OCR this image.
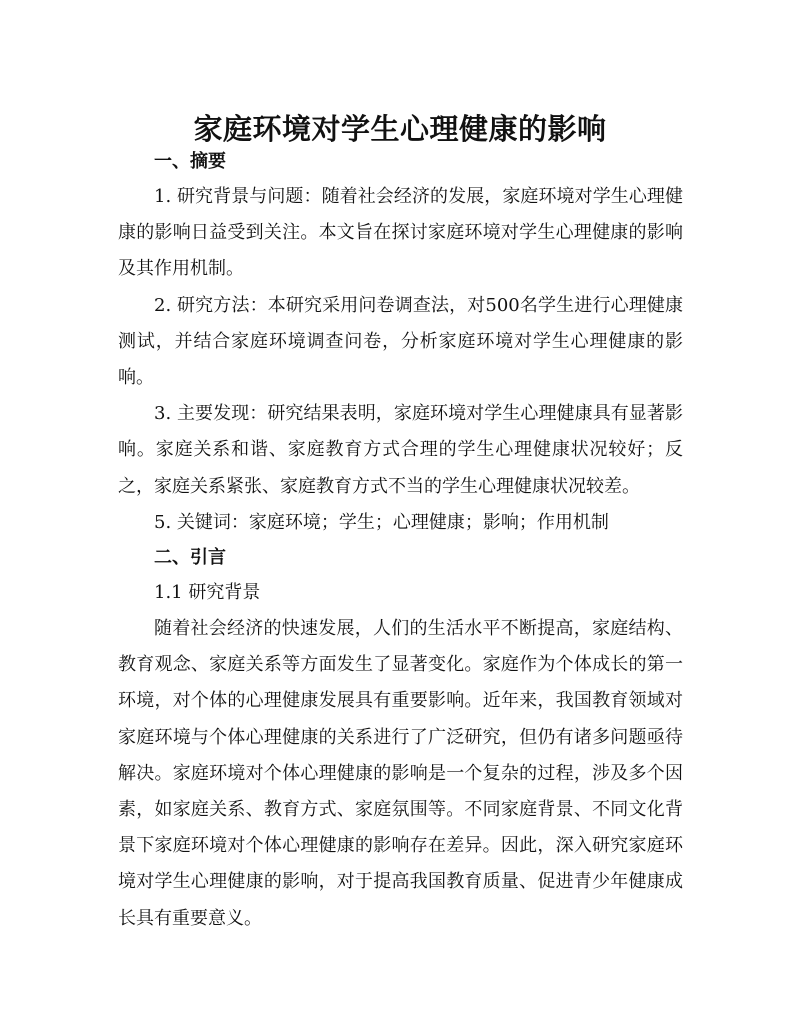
家庭环境对学生心理健康的影响

一、摘要

1. 研究背景与问题：随着社会经济的发展，家庭环境对学生心理健康的影响日益受到关注。本文旨在探讨家庭环境对学生心理健康的影响及其作用机制。

2. 研究方法：本研究采用问卷调查法，对500名学生进行心理健康测试，并结合家庭环境调查问卷，分析家庭环境对学生心理健康的影响。

3. 主要发现：研究结果表明，家庭环境对学生心理健康具有显著影响。家庭关系和谐、家庭教育方式合理的学生心理健康状况较好；反之，家庭关系紧张、家庭教育方式不当的学生心理健康状况较差。

5. 关键词：家庭环境；学生；心理健康；影响；作用机制

二、引言

1.1 研究背景

随着社会经济的快速发展，人们的生活水平不断提高，家庭结构、教育观念、家庭关系等方面发生了显著变化。家庭作为个体成长的第一环境，对个体的心理健康发展具有重要影响。近年来，我国教育领域对家庭环境与个体心理健康的关系进行了广泛研究，但仍有诸多问题亟待解决。家庭环境对个体心理健康的影响是一个复杂的过程，涉及多个因素，如家庭关系、教育方式、家庭氛围等。不同家庭背景、不同文化背景下家庭环境对个体心理健康的影响存在差异。因此，深入研究家庭环境对学生心理健康的影响，对于提高我国教育质量、促进青少年健康成长具有重要意义。
